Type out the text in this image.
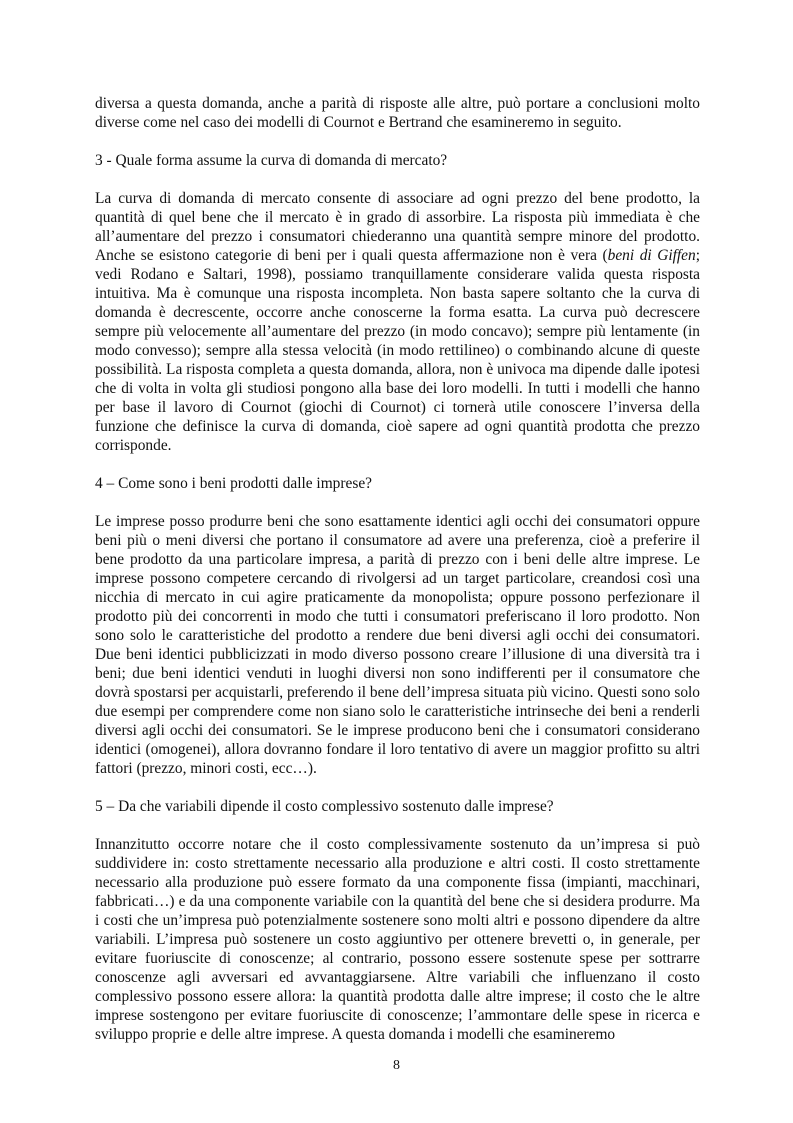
diversa a questa domanda, anche a parità di risposte alle altre, può portare a conclusioni molto diverse come nel caso dei modelli di Cournot e Bertrand che esamineremo in seguito.

3 - Quale forma assume la curva di domanda di mercato?

La curva di domanda di mercato consente di associare ad ogni prezzo del bene prodotto, la quantità di quel bene che il mercato è in grado di assorbire. La risposta più immediata è che all’aumentare del prezzo i consumatori chiederanno una quantità sempre minore del prodotto. Anche se esistono categorie di beni per i quali questa affermazione non è vera (beni di Giffen; vedi Rodano e Saltari, 1998), possiamo tranquillamente considerare valida questa risposta intuitiva. Ma è comunque una risposta incompleta. Non basta sapere soltanto che la curva di domanda è decrescente, occorre anche conoscerne la forma esatta. La curva può decrescere sempre più velocemente all’aumentare del prezzo (in modo concavo); sempre più lentamente (in modo convesso); sempre alla stessa velocità (in modo rettilineo) o combinando alcune di queste possibilità. La risposta completa a questa domanda, allora, non è univoca ma dipende dalle ipotesi che di volta in volta gli studiosi pongono alla base dei loro modelli. In tutti i modelli che hanno per base il lavoro di Cournot (giochi di Cournot) ci tornerà utile conoscere l’inversa della funzione che definisce la curva di domanda, cioè sapere ad ogni quantità prodotta che prezzo corrisponde.

4 – Come sono i beni prodotti dalle imprese?

Le imprese posso produrre beni che sono esattamente identici agli occhi dei consumatori oppure beni più o meni diversi che portano il consumatore ad avere una preferenza, cioè a preferire il bene prodotto da una particolare impresa, a parità di prezzo con i beni delle altre imprese. Le imprese possono competere cercando di rivolgersi ad un target particolare, creandosi così una nicchia di mercato in cui agire praticamente da monopolista; oppure possono perfezionare il prodotto più dei concorrenti in modo che tutti i consumatori preferiscano il loro prodotto. Non sono solo le caratteristiche del prodotto a rendere due beni diversi agli occhi dei consumatori. Due beni identici pubblicizzati in modo diverso possono creare l’illusione di una diversità tra i beni; due beni identici venduti in luoghi diversi non sono indifferenti per il consumatore che dovrà spostarsi per acquistarli, preferendo il bene dell’impresa situata più vicino. Questi sono solo due esempi per comprendere come non siano solo le caratteristiche intrinseche dei beni a renderli diversi agli occhi dei consumatori. Se le imprese producono beni che i consumatori considerano identici (omogenei), allora dovranno fondare il loro tentativo di avere un maggior profitto su altri fattori (prezzo, minori costi, ecc…).

5 – Da che variabili dipende il costo complessivo sostenuto dalle imprese?

Innanzitutto occorre notare che il costo complessivamente sostenuto da un’impresa si può suddividere in: costo strettamente necessario alla produzione e altri costi. Il costo strettamente necessario alla produzione può essere formato da una componente fissa (impianti, macchinari, fabbricati…) e da una componente variabile con la quantità del bene che si desidera produrre. Ma i costi che un’impresa può potenzialmente sostenere sono molti altri e possono dipendere da altre variabili. L’impresa può sostenere un costo aggiuntivo per ottenere brevetti o, in generale, per evitare fuoriuscite di conoscenze; al contrario, possono essere sostenute spese per sottrarre conoscenze agli avversari ed avvantaggiarsene. Altre variabili che influenzano il costo complessivo possono essere allora: la quantità prodotta dalle altre imprese; il costo che le altre imprese sostengono per evitare fuoriuscite di conoscenze; l’ammontare delle spese in ricerca e sviluppo proprie e delle altre imprese. A questa domanda i modelli che esamineremo

8
